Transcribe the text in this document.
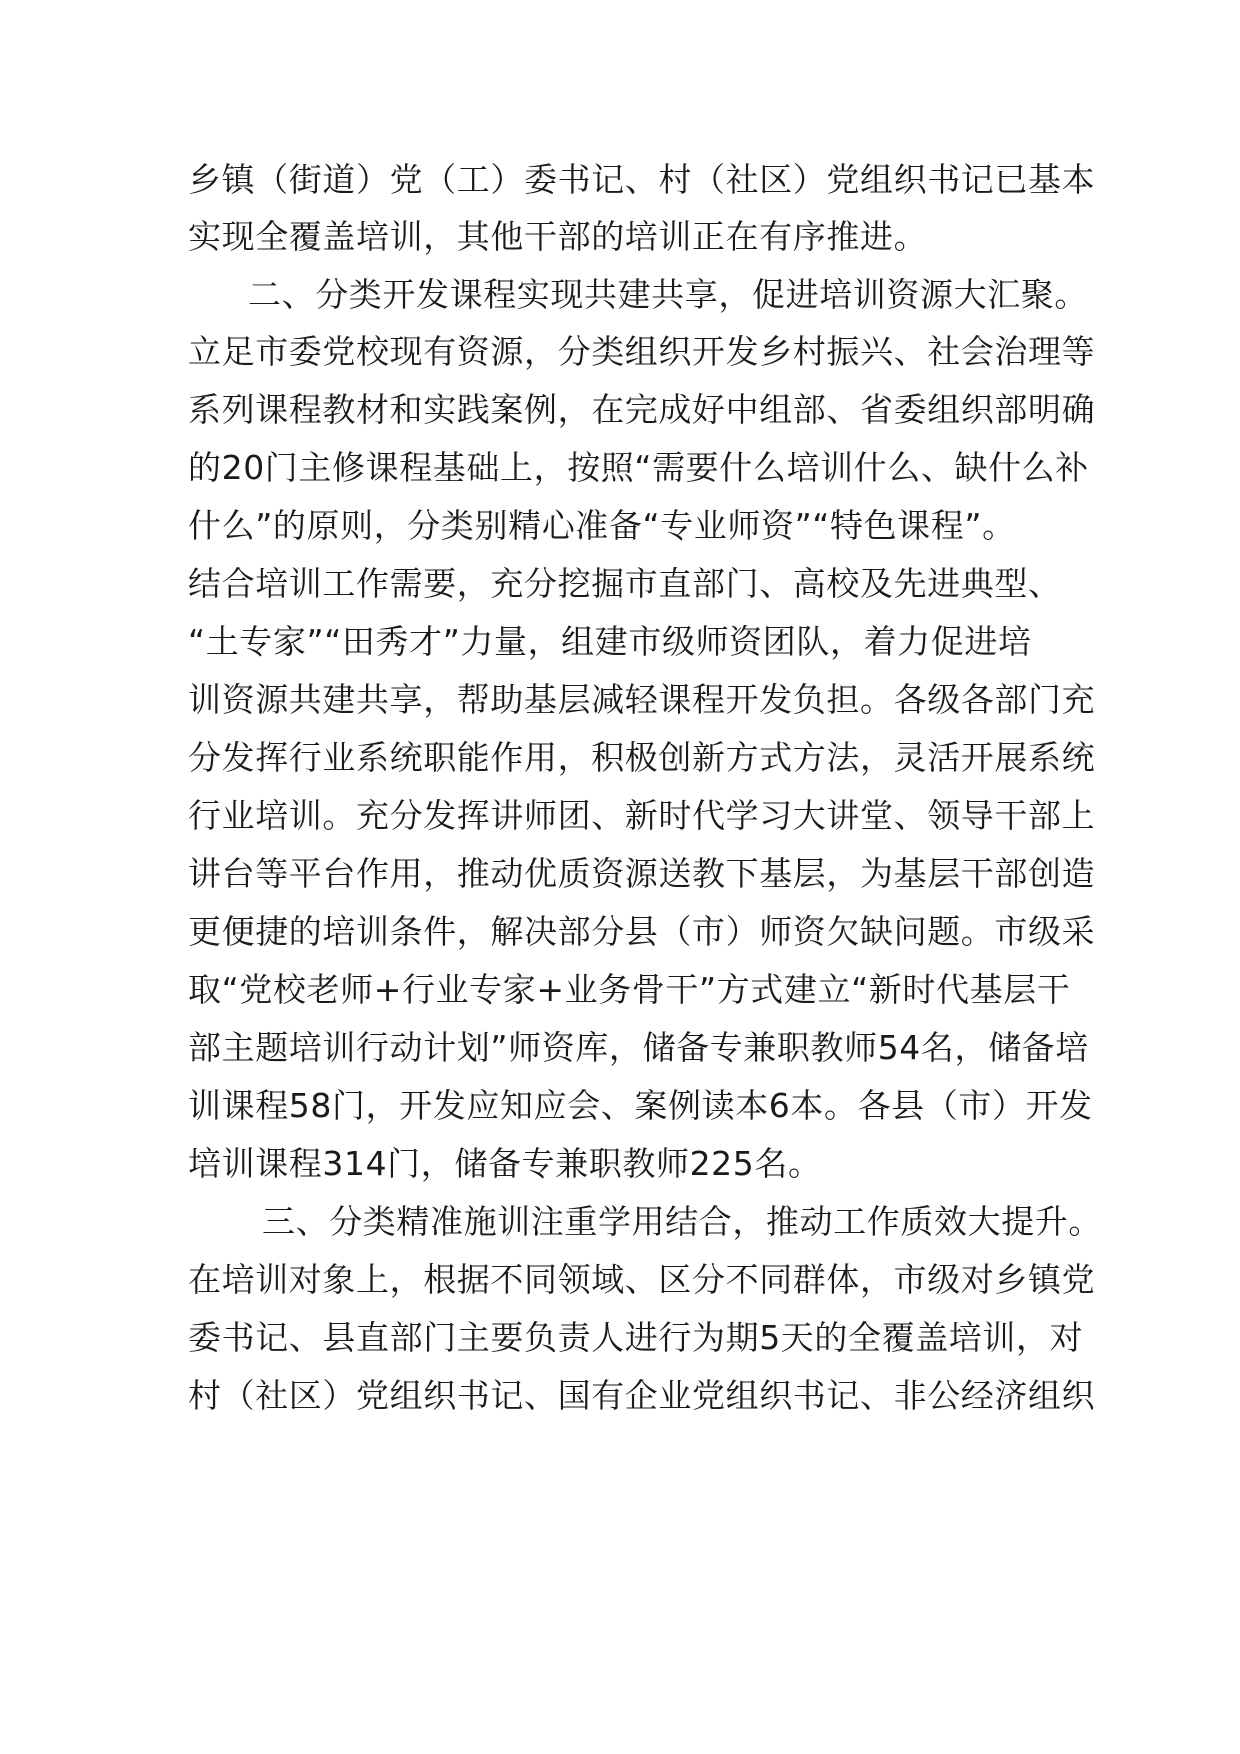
乡镇（街道）党（工）委书记、村（社区）党组织书记已基本
实现全覆盖培训，其他干部的培训正在有序推进。
二、分类开发课程实现共建共享，促进培训资源大汇聚。
立足市委党校现有资源，分类组织开发乡村振兴、社会治理等
系列课程教材和实践案例，在完成好中组部、省委组织部明确
的20门主修课程基础上，按照“需要什么培训什么、缺什么补
什么”的原则，分类别精心准备“专业师资”“特色课程”。
结合培训工作需要，充分挖掘市直部门、高校及先进典型、
“土专家”“田秀才”力量，组建市级师资团队，着力促进培
训资源共建共享，帮助基层减轻课程开发负担。各级各部门充
分发挥行业系统职能作用，积极创新方式方法，灵活开展系统
行业培训。充分发挥讲师团、新时代学习大讲堂、领导干部上
讲台等平台作用，推动优质资源送教下基层，为基层干部创造
更便捷的培训条件，解决部分县（市）师资欠缺问题。市级采
取“党校老师+行业专家+业务骨干”方式建立“新时代基层干
部主题培训行动计划”师资库，储备专兼职教师54名，储备培
训课程58门，开发应知应会、案例读本6本。各县（市）开发
培训课程314门，储备专兼职教师225名。
三、分类精准施训注重学用结合，推动工作质效大提升。
在培训对象上，根据不同领域、区分不同群体，市级对乡镇党
委书记、县直部门主要负责人进行为期5天的全覆盖培训，对
村（社区）党组织书记、国有企业党组织书记、非公经济组织
